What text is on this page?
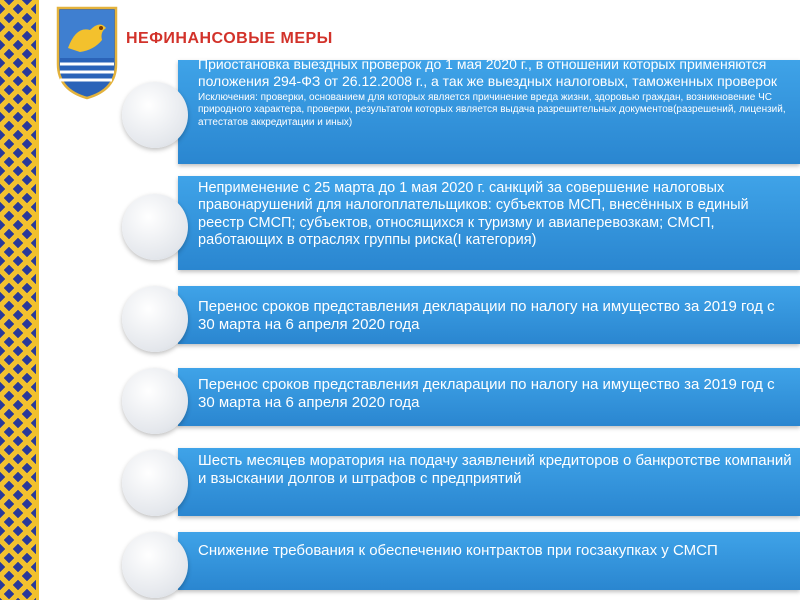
НЕФИНАНСОВЫЕ МЕРЫ
Приостановка выездных проверок до 1 мая 2020 г., в отношении которых применяются положения 294-ФЗ от 26.12.2008 г., а так же выездных налоговых, таможенных проверок
Исключения: проверки, основанием для которых является причинение вреда жизни, здоровью граждан, возникновение ЧС природного характера, проверки, результатом которых является выдача разрешительных документов(разрешений, лицензий, аттестатов аккредитации и иных)
Неприменение с 25 марта до 1 мая 2020 г. санкций за совершение налоговых правонарушений для налогоплательщиков: субъектов МСП, внесённых в единый реестр СМСП; субъектов, относящихся к туризму и авиаперевозкам; СМСП, работающих в отраслях группы риска(I категория)
Перенос сроков представления декларации по налогу на имущество за 2019 год с 30 марта на 6 апреля 2020 года
Перенос сроков представления декларации по налогу на имущество за 2019 год с 30 марта на 6 апреля 2020 года
Шесть месяцев моратория на подачу заявлений кредиторов о банкротстве компаний и взыскании долгов и штрафов с предприятий
Снижение требования к обеспечению контрактов при госзакупках у СМСП
